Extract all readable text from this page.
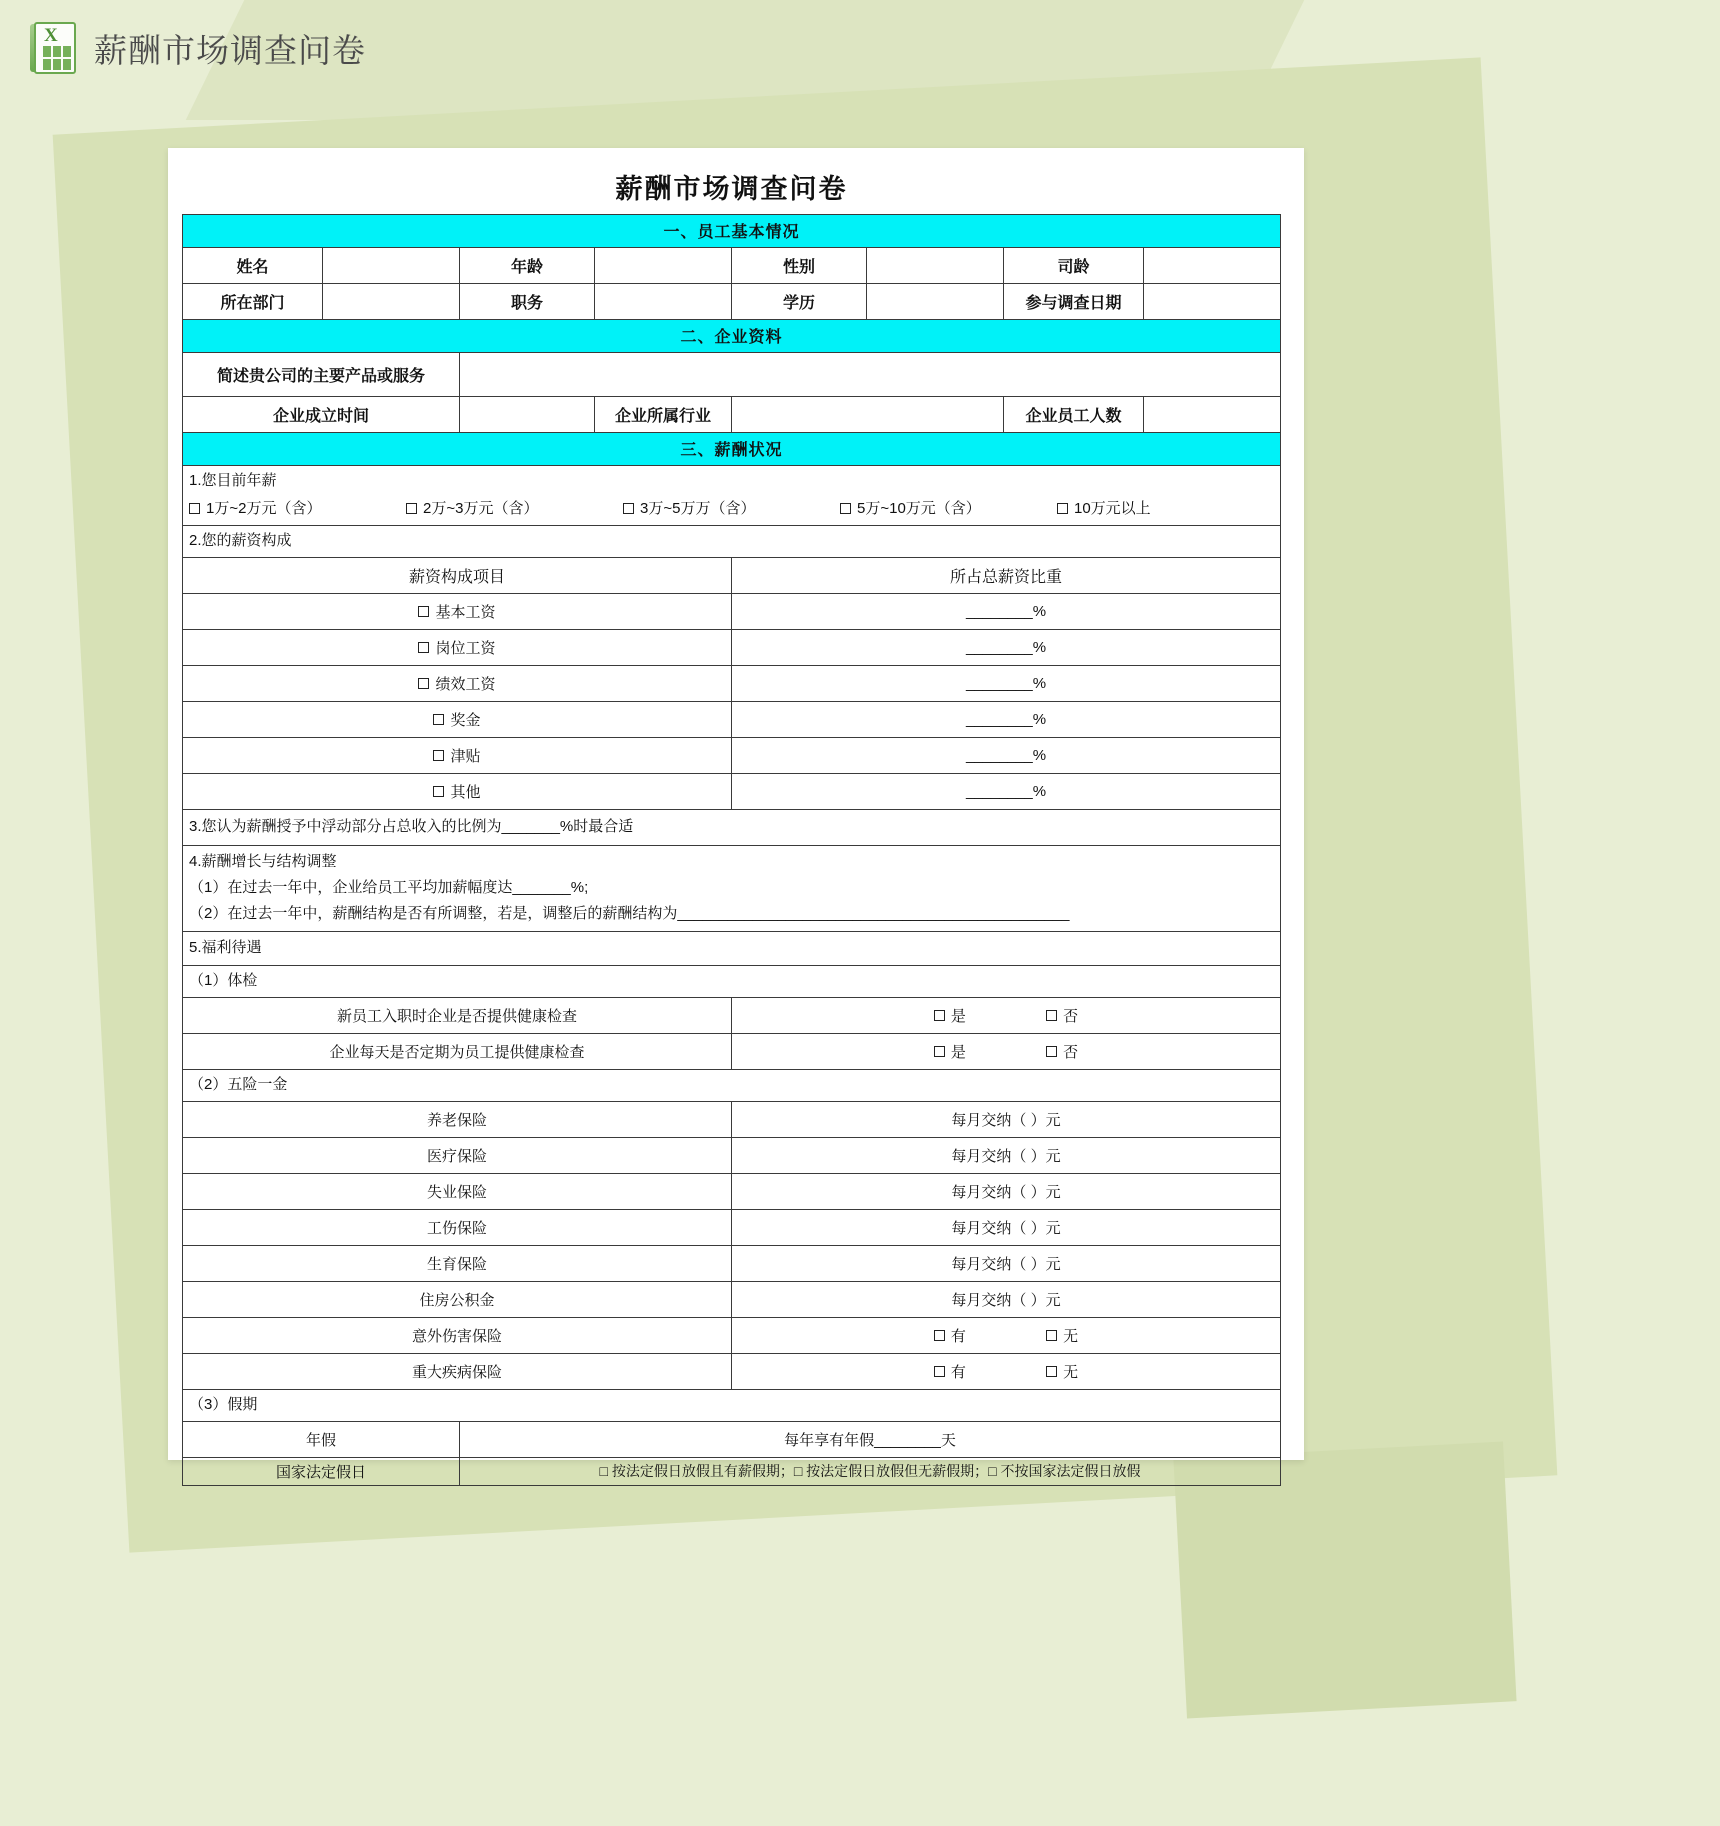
X 薪酬市场调查问卷
薪酬市场调查问卷							
一、员工基本情况							
姓名		年龄		性别		司龄	
所在部门		职务		学历		参与调查日期	
二、企业资料							
简述贵公司的主要产品或服务							
企业成立时间			企业所属行业			企业员工人数	
三、薪酬状况							

1.您目前年薪
1万~2万元（含）	2万~3万元（含）	3万~5万万（含）	5万~10万元（含）	10万元以上

2.您的薪资构成							
薪资构成项目				所占总薪资比重			
基本工资				________%			
岗位工资				________%			
绩效工资				________%			
奖金				________%			
津贴				________%			
其他				________%			
3.您认为薪酬授予中浮动部分占总收入的比例为_______%时最合适							

4.薪酬增长与结构调整
（1）在过去一年中，企业给员工平均加薪幅度达_______%;
（2）在过去一年中，薪酬结构是否有所调整，若是，调整后的薪酬结构为_______________________________________________							

5.福利待遇							
（1）体检							
新员工入职时企业是否提供健康检查				是 否			
企业每天是否定期为员工提供健康检查				是 否			
（2）五险一金							
养老保险				每月交纳（ ）元			
医疗保险				每月交纳（ ）元			
失业保险				每月交纳（ ）元			
工伤保险				每月交纳（ ）元			
生育保险				每月交纳（ ）元			
住房公积金				每月交纳（ ）元			
意外伤害保险				有 无			
重大疾病保险				有 无			
（3）假期							
年假		每年享有年假________天					
国家法定假日		□ 按法定假日放假且有薪假期；□ 按法定假日放假但无薪假期；□ 不按国家法定假日放假					
